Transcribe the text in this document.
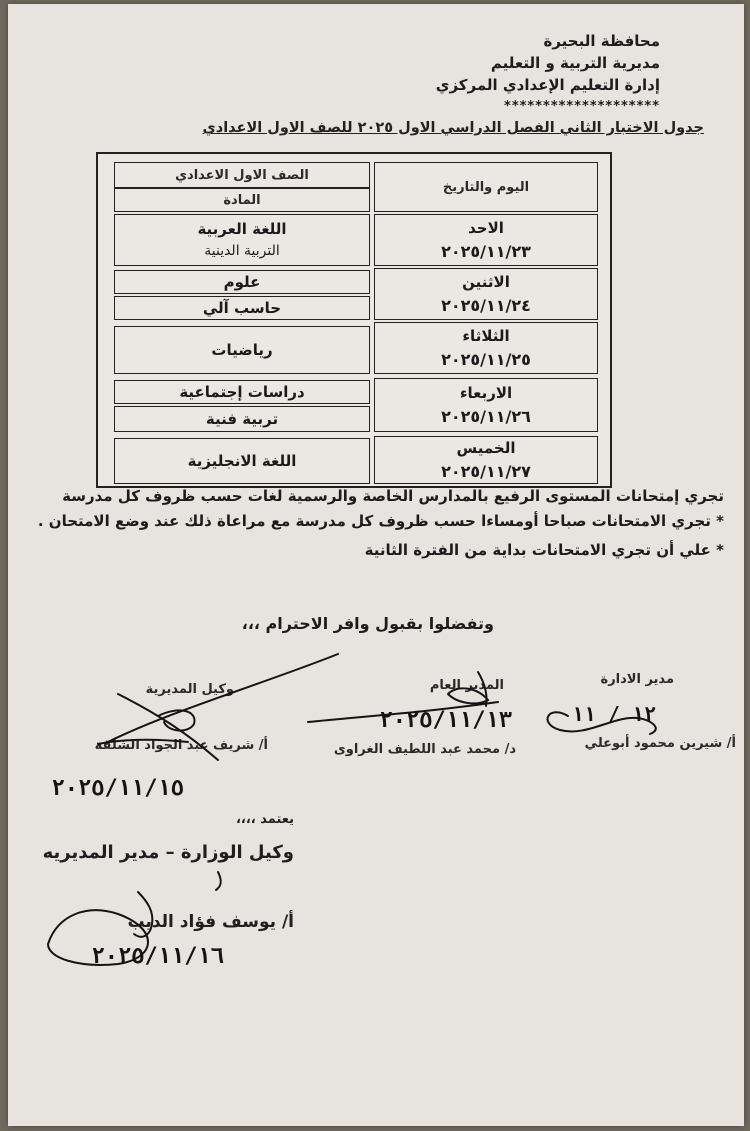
محافظة البحيرة
مديرية التربية و التعليم
إدارة التعليم الإعدادي المركزي
********************
جدول الاختبار الثاني الفصل الدراسي الاول ٢٠٢٥ للصف الاول الاعدادي
اليوم والتاريخ
الصف الاول الاعدادي
المادة
الاحد
٢٠٢٥/١١/٢٣
اللغة العربية
التربية الدينية
الاثنين
٢٠٢٥/١١/٢٤
علوم
حاسب آلي
الثلاثاء
٢٠٢٥/١١/٢٥
رياضيات
الاربعاء
٢٠٢٥/١١/٢٦
دراسات إجتماعية
تربية فنية
الخميس
٢٠٢٥/١١/٢٧
اللغة الانجليزية
تجري إمتحانات المستوى الرفيع بالمدارس الخاصة والرسمية لغات حسب ظروف كل مدرسة
* تجري الامتحانات صباحا أومساءا حسب ظروف كل مدرسة مع مراعاة ذلك عند وضع الامتحان .
* علي أن تجري الامتحانات بداية من الفترة الثانية
وتفضلوا بقبول وافر الاحترام ،،،
مدير الادارة
أ/ شيرين محمود أبوعلي
١٢ / ١١
المدير العام
د/ محمد عبد اللطيف الغراوى
٢٠٢٥/١١/١٣
وكيل المديرية
أ/ شريف عبد الجواد الشلقة
٢٠٢٥/١١/١٥
يعتمد ،،،،
وكيل الوزارة – مدير المديريه
أ/ يوسف فؤاد الديب
٢٠٢٥/١١/١٦
